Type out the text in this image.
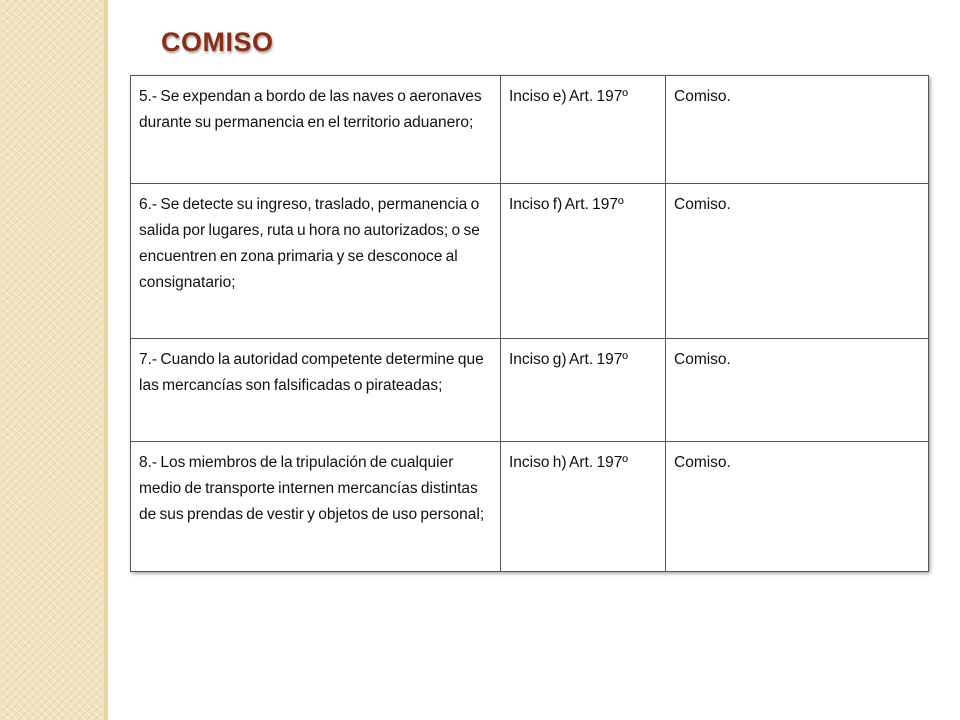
COMISO
5.- Se expendan a bordo de las naves o aeronaves durante su permanencia en el territorio aduanero;	Inciso e) Art. 197º	Comiso.
6.- Se detecte su ingreso, traslado, permanencia o salida por lugares, ruta u hora no autorizados; o se encuentren en zona primaria y se desconoce al consignatario;	Inciso f) Art. 197º	Comiso.
7.- Cuando la autoridad competente determine que las mercancías son falsificadas o pirateadas;	Inciso g) Art. 197º	Comiso.
8.- Los miembros de la tripulación de cualquier medio de transporte internen mercancías distintas de sus prendas de vestir y objetos de uso personal;	Inciso h) Art. 197º	Comiso.
